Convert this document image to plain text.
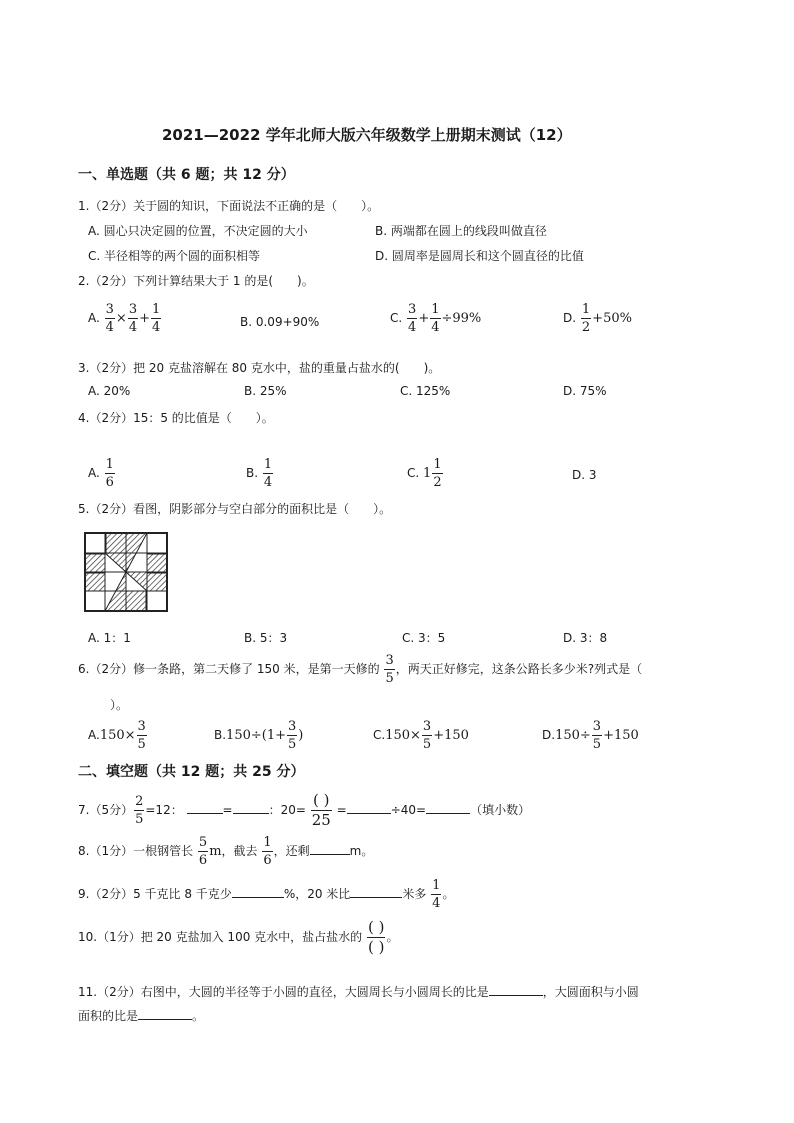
2021—2022 学年北师大版六年级数学上册期末测试（12）
一、单选题（共 6 题；共 12 分）
1.（2分）关于圆的知识，下面说法不正确的是（　　）。
A. 圆心只决定圆的位置，不决定圆的大小	B. 两端都在圆上的线段叫做直径
C. 半径相等的两个圆的面积相等	D. 圆周率是圆周长和这个圆直径的比值
2.（2分）下列计算结果大于 1 的是(　　)。
A. $\frac{3}{4} \times \frac{3}{4} + \frac{1}{4}$	B. 0.09+90%	C. $\frac{3}{4} + \frac{1}{4} \div 99\%$	D. $\frac{1}{2} +50\%$
3.（2分）把 20 克盐溶解在 80 克水中，盐的重量占盐水的(　　)。
A. 20%	B. 25%	C. 125%	D. 75%
4.（2分）15：5 的比值是（　　）。
A. $\frac{1}{6}$	B. $\frac{1}{4}$	C. $1 \frac{1}{2}$	D. 3
5.（2分）看图，阴影部分与空白部分的面积比是（　　）。
A. 1：1	B. 5：3	C. 3：5	D. 3：8
6.（2分）修一条路，第二天修了 150 米，是第一天修的 $\frac{3}{5}$ ，两天正好修完，这条公路长多少米?列式是（
）。
$A.150\times \frac{3}{5}$	$B.150\div(1+ \frac{3}{5}$ )	$C.150\times \frac{3}{5} +150$	$D.150\div \frac{3}{5} +150$
二、填空题（共 12 题；共 25 分）
7.（5分） $\frac{2}{5} =12$：	=	：$20= \frac{( )}{25}$ =	÷40=	（填小数）
8.（1分）一根钢管长 $\frac{5}{6}$ m，截去 $\frac{1}{6}$ ，还剩	m。
9.（2分）5 千克比 8 千克少	%，20 米比	米多 $\frac{1}{4}$ 。
10.（1分）把 20 克盐加入 100 克水中，盐占盐水的 $\frac{( )}{( )}$ 。
11.（2分）右图中，大圆的半径等于小圆的直径，大圆周长与小圆周长的比是	，大圆面积与小圆
面积的比是	。
